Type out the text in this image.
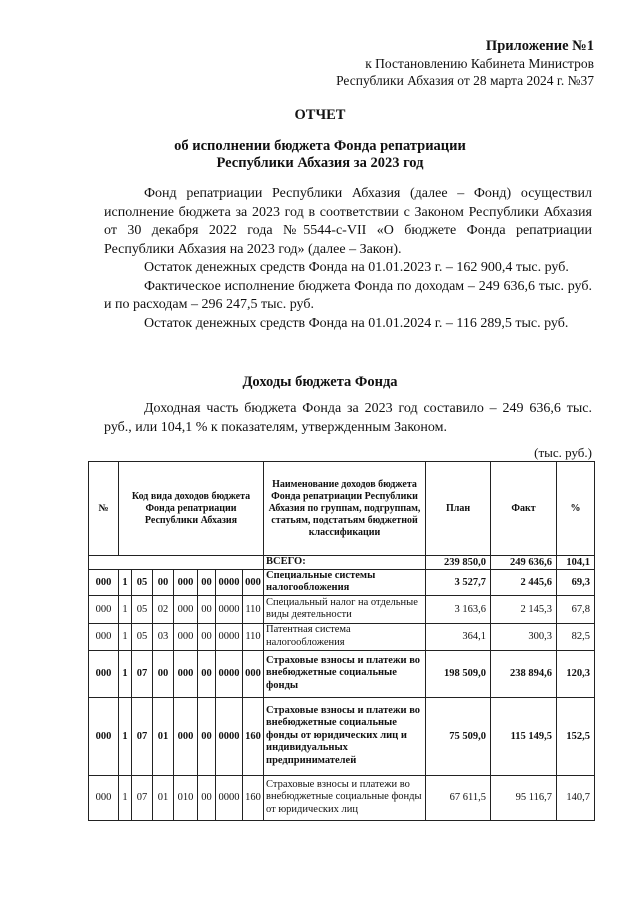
Приложение №1
к Постановлению Кабинета Министров
Республики Абхазия от 28 марта 2024 г. №37
ОТЧЕТ
об исполнении бюджета Фонда репатриации
Республики Абхазия за 2023 год
Фонд репатриации Республики Абхазия (далее – Фонд) осуществил исполнение бюджета за 2023 год в соответствии с Законом Республики Абхазия от 30 декабря 2022 года №5544-с-VII «О бюджете Фонда репатриации Республики Абхазия на 2023 год» (далее – Закон).
Остаток денежных средств Фонда на 01.01.2023 г. – 162 900,4 тыс. руб.
Фактическое исполнение бюджета Фонда по доходам – 249 636,6 тыс. руб. и по расходам – 296 247,5 тыс. руб.
Остаток денежных средств Фонда на 01.01.2024 г. – 116 289,5 тыс. руб.
Доходы бюджета Фонда
Доходная часть бюджета Фонда за 2023 год составило – 249 636,6 тыс. руб., или 104,1 % к показателям, утвержденным Законом.
(тыс. руб.)
№	Код вида доходов бюджета Фонда репатриации Республики Абхазия							Наименование доходов бюджета Фонда репатриации Республики Абхазия по группам, подгруппам, статьям, подстатьям бюджетной классификации	План	Факт	%
								ВСЕГО:	239 850,0	249 636,6	104,1
000	1	05	00	000	00	0000	000	Специальные системы налогообложения	3 527,7	2 445,6	69,3
000	1	05	02	000	00	0000	110	Специальный налог на отдельные виды деятельности	3 163,6	2 145,3	67,8
000	1	05	03	000	00	0000	110	Патентная система налогообложения	364,1	300,3	82,5
000	1	07	00	000	00	0000	000	Страховые взносы и платежи во внебюджетные социальные фонды	198 509,0	238 894,6	120,3
000	1	07	01	000	00	0000	160	Страховые взносы и платежи во внебюджетные социальные фонды от юридических лиц и индивидуальных предпринимателей	75 509,0	115 149,5	152,5
000	1	07	01	010	00	0000	160	Страховые взносы и платежи во внебюджетные социальные фонды от юридических лиц	67 611,5	95 116,7	140,7
